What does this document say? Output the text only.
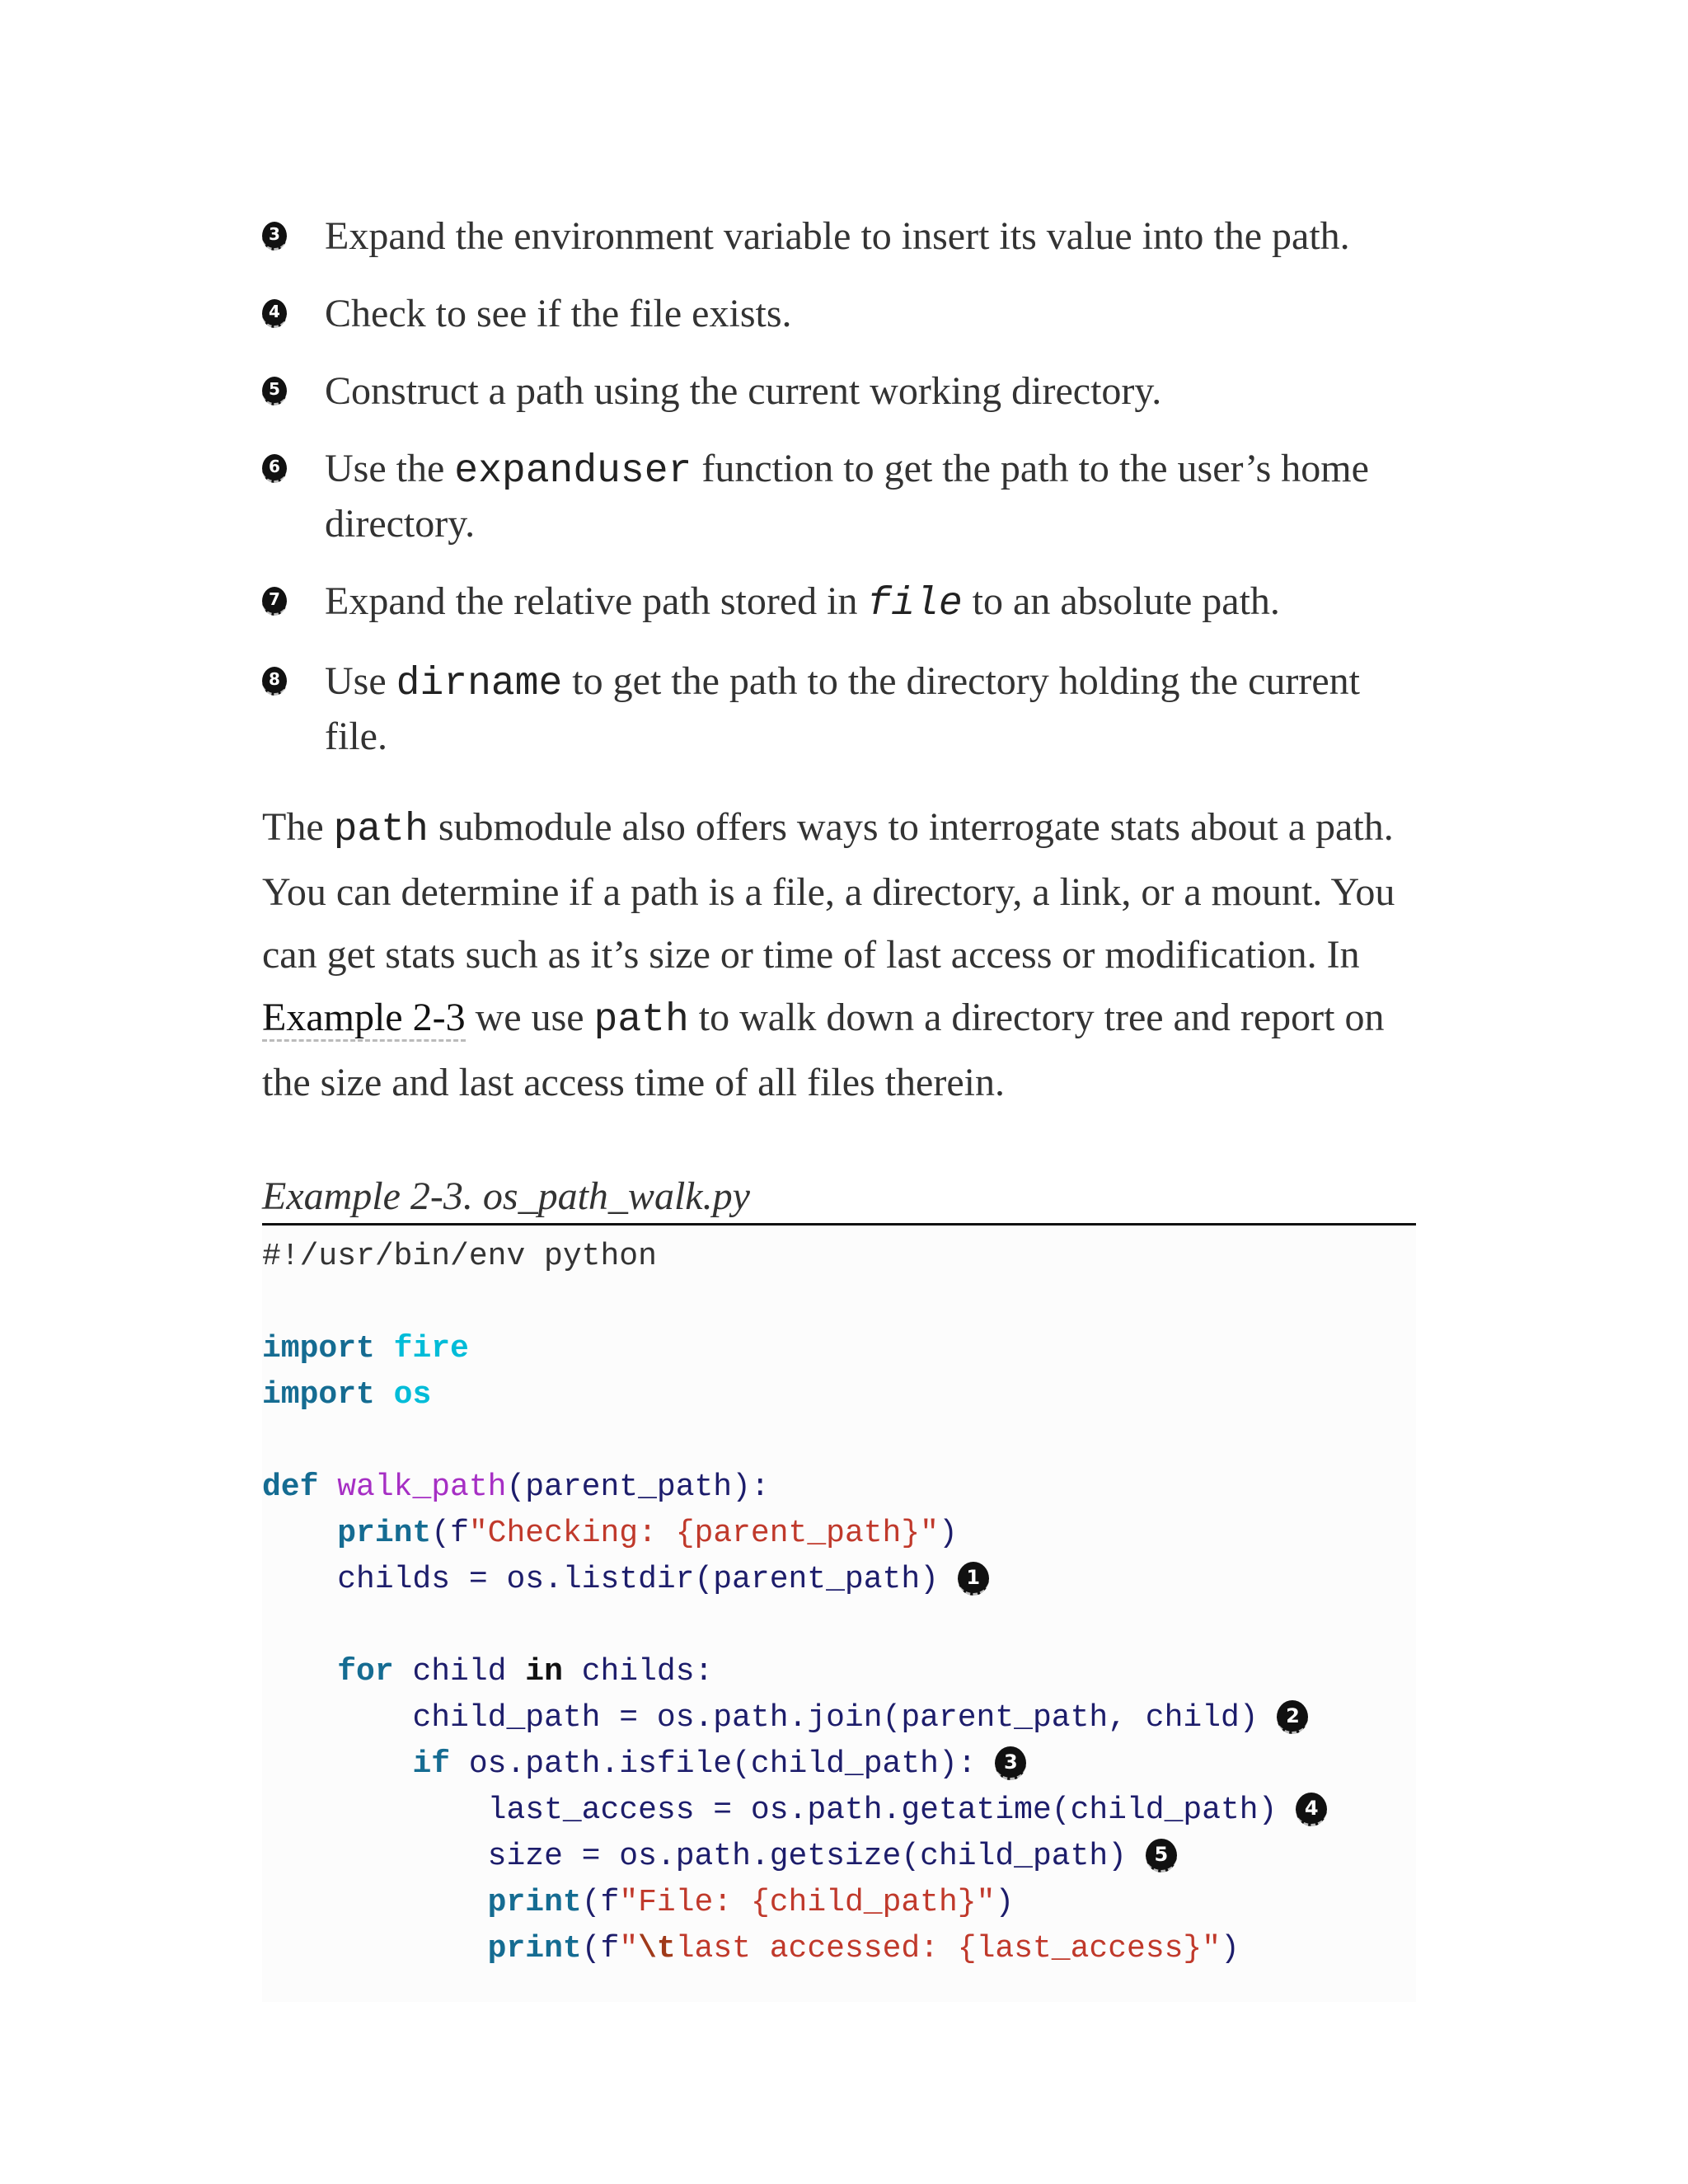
3	Expand the environment variable to insert its value into the path.
4	Check to see if the file exists.
5	Construct a path using the current working directory.
6	Use the expanduser function to get the path to the user’s home directory.
7	Expand the relative path stored in file to an absolute path.
8	Use dirname to get the path to the directory holding the current file.
The path submodule also offers ways to interrogate stats about a path. You can determine if a path is a file, a directory, a link, or a mount. You can get stats such as it’s size or time of last access or modification. In Example 2-3 we use path to walk down a directory tree and report on the size and last access time of all files therein.
Example 2-3. os_path_walk.py
#!/usr/bin/env python

import fire
import os

def walk_path(parent_path):
print(f"Checking: {parent_path}")
childs = os.listdir(parent_path) 1

for child in childs:
child_path = os.path.join(parent_path, child) 2
if os.path.isfile(child_path): 3
last_access = os.path.getatime(child_path) 4
size = os.path.getsize(child_path) 5
print(f"File: {child_path}")
print(f"\tlast accessed: {last_access}")
